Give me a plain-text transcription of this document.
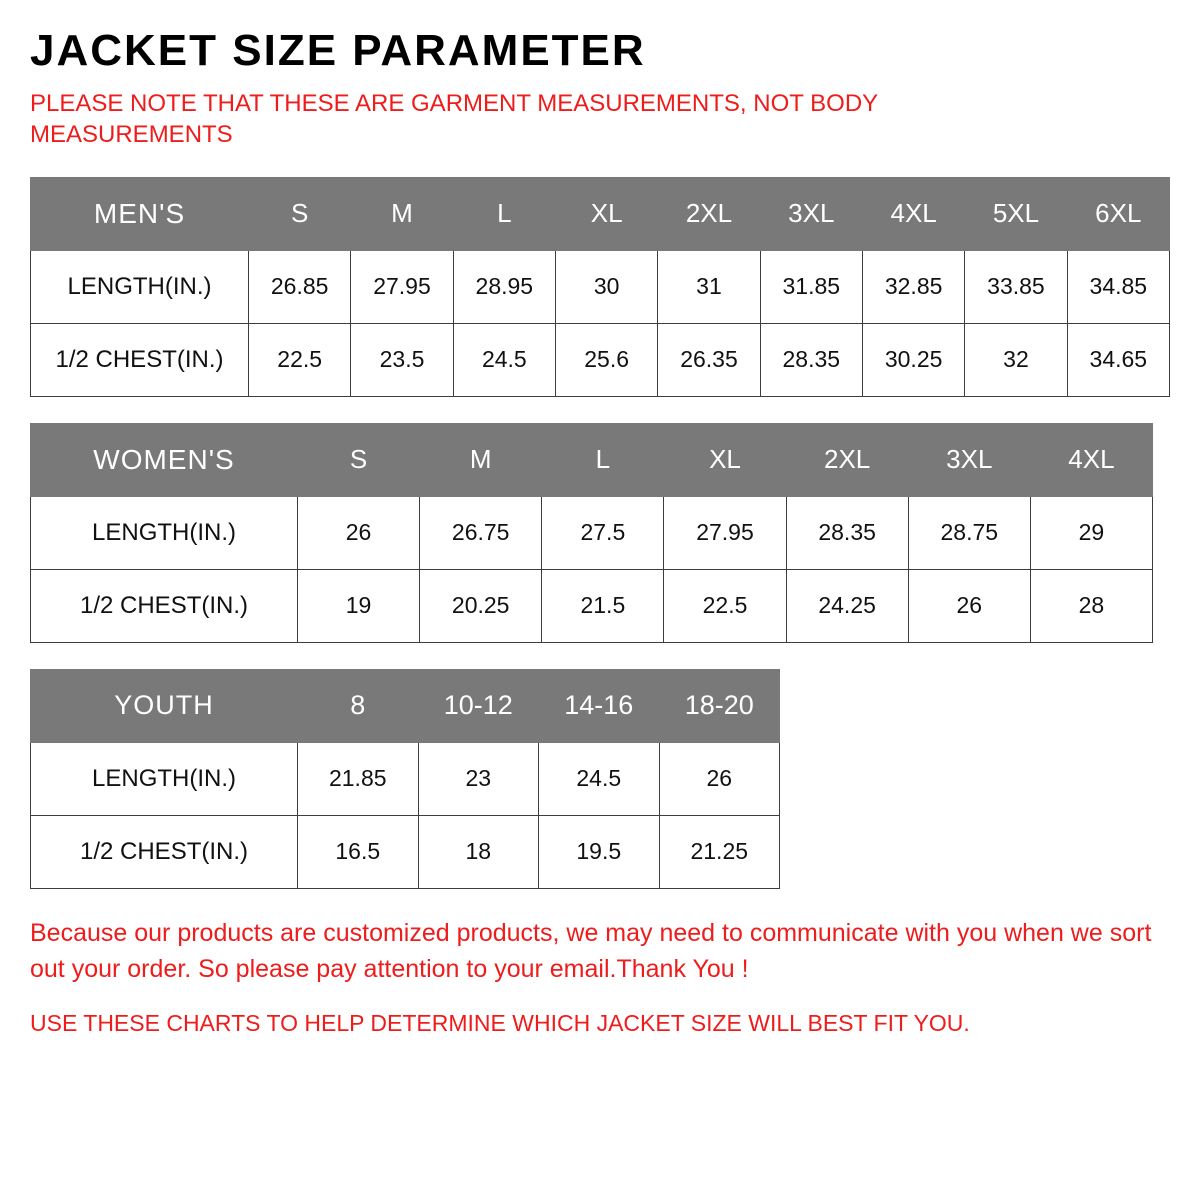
JACKET SIZE PARAMETER

PLEASE NOTE THAT THESE ARE GARMENT MEASUREMENTS, NOT BODY MEASUREMENTS

MEN'S	S	M	L	XL	2XL	3XL	4XL	5XL	6XL
LENGTH(IN.)	26.85	27.95	28.95	30	31	31.85	32.85	33.85	34.85
1/2 CHEST(IN.)	22.5	23.5	24.5	25.6	26.35	28.35	30.25	32	34.65
WOMEN'S	S	M	L	XL	2XL	3XL	4XL
LENGTH(IN.)	26	26.75	27.5	27.95	28.35	28.75	29
1/2 CHEST(IN.)	19	20.25	21.5	22.5	24.25	26	28
YOUTH	8	10-12	14-16	18-20
LENGTH(IN.)	21.85	23	24.5	26
1/2 CHEST(IN.)	16.5	18	19.5	21.25

Because our products are customized products, we may need to communicate with you when we sort out your order. So please pay attention to your email.Thank You !

USE THESE CHARTS TO HELP DETERMINE WHICH JACKET SIZE WILL BEST FIT YOU.
